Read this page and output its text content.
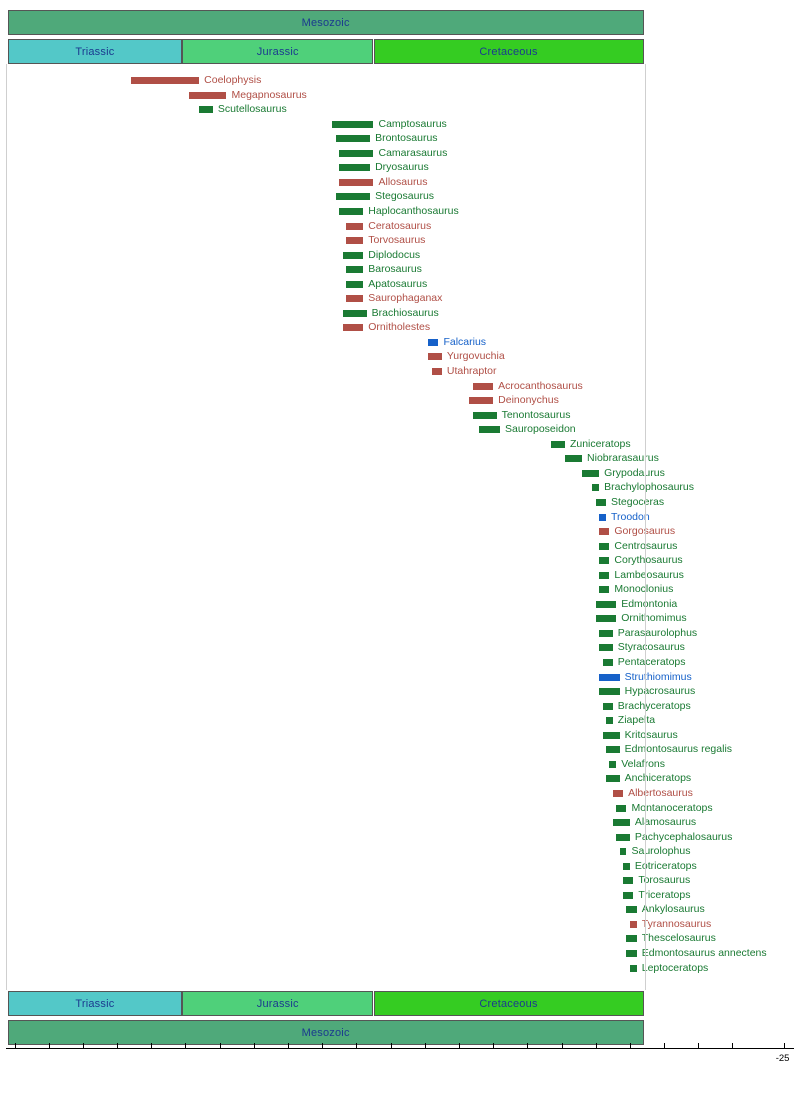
Mesozoic
Triassic	Jurassic	Cretaceous
Coelophysis
Megapnosaurus
Scutellosaurus
Camptosaurus
Brontosaurus
Camarasaurus
Dryosaurus
Allosaurus
Stegosaurus
Haplocanthosaurus
Ceratosaurus
Torvosaurus
Diplodocus
Barosaurus
Apatosaurus
Saurophaganax
Brachiosaurus
Ornitholestes
Falcarius
Yurgovuchia
Utahraptor
Acrocanthosaurus
Deinonychus
Tenontosaurus
Sauroposeidon
Zuniceratops
Niobrarasaurus
Grypodaurus
Brachylophosaurus
Stegoceras
Troodon
Gorgosaurus
Centrosaurus
Corythosaurus
Lambeosaurus
Monoclonius
Edmontonia
Ornithomimus
Parasaurolophus
Styracosaurus
Pentaceratops
Struthiomimus
Hypacrosaurus
Brachyceratops
Ziapelta
Kritosaurus
Edmontosaurus regalis
Velafrons
Anchiceratops
Albertosaurus
Montanoceratops
Alamosaurus
Pachycephalosaurus
Saurolophus
Eotriceratops
Torosaurus
Triceratops
Ankylosaurus
Tyrannosaurus
Thescelosaurus
Edmontosaurus annectens
Leptoceratops
Triassic	Jurassic	Cretaceous
Mesozoic
-25
